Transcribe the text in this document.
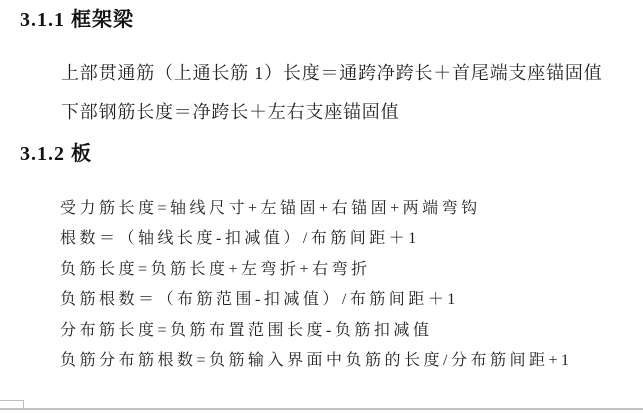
3.1.1 框架梁

上部贯通筋（上通长筋 1）长度＝通跨净跨长＋首尾端支座锚固值

下部钢筋长度＝净跨长＋左右支座锚固值

3.1.2 板

受力筋长度=轴线尺寸+左锚固+右锚固+两端弯钩

根数＝（轴线长度-扣减值）/布筋间距＋1

负筋长度=负筋长度+左弯折+右弯折

负筋根数＝（布筋范围-扣减值）/布筋间距＋1

分布筋长度=负筋布置范围长度-负筋扣减值

负筋分布筋根数=负筋输入界面中负筋的长度/分布筋间距+1
